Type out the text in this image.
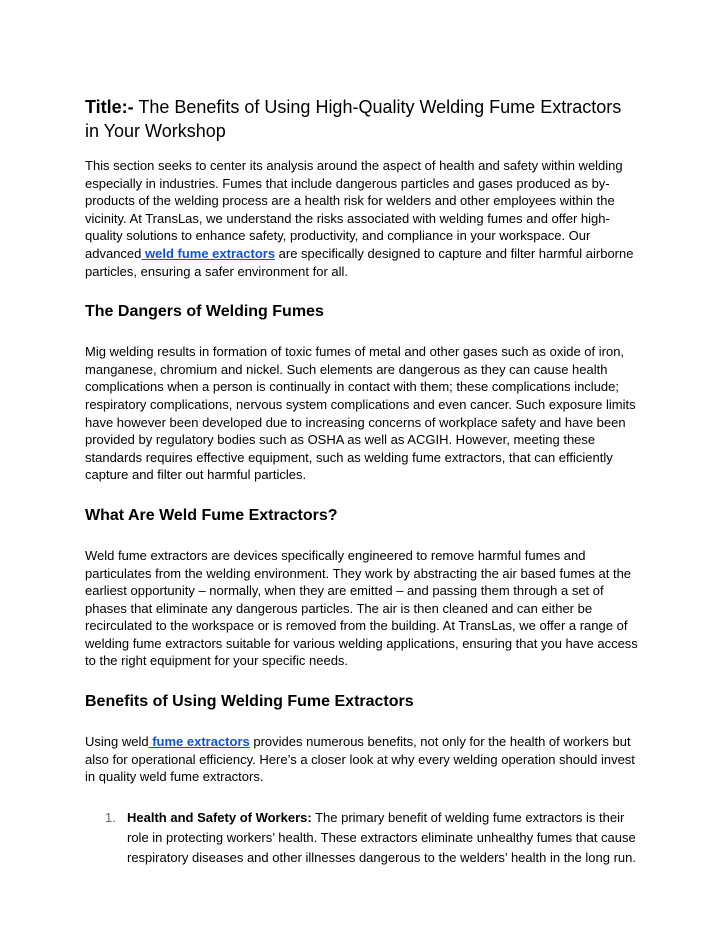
Title:- The Benefits of Using High-Quality Welding Fume Extractors in Your Workshop

This section seeks to center its analysis around the aspect of health and safety within welding especially in industries. Fumes that include dangerous particles and gases produced as by-products of the welding process are a health risk for welders and other employees within the vicinity. At TransLas, we understand the risks associated with welding fumes and offer high-quality solutions to enhance safety, productivity, and compliance in your workspace. Our advanced weld fume extractors are specifically designed to capture and filter harmful airborne particles, ensuring a safer environment for all.

The Dangers of Welding Fumes

Mig welding results in formation of toxic fumes of metal and other gases such as oxide of iron, manganese, chromium and nickel. Such elements are dangerous as they can cause health complications when a person is continually in contact with them; these complications include; respiratory complications, nervous system complications and even cancer. Such exposure limits have however been developed due to increasing concerns of workplace safety and have been provided by regulatory bodies such as OSHA as well as ACGIH. However, meeting these standards requires effective equipment, such as welding fume extractors, that can efficiently capture and filter out harmful particles.

What Are Weld Fume Extractors?

Weld fume extractors are devices specifically engineered to remove harmful fumes and particulates from the welding environment. They work by abstracting the air based fumes at the earliest opportunity – normally, when they are emitted – and passing them through a set of phases that eliminate any dangerous particles. The air is then cleaned and can either be recirculated to the workspace or is removed from the building. At TransLas, we offer a range of welding fume extractors suitable for various welding applications, ensuring that you have access to the right equipment for your specific needs.

Benefits of Using Welding Fume Extractors

Using weld fume extractors provides numerous benefits, not only for the health of workers but also for operational efficiency. Here’s a closer look at why every welding operation should invest in quality weld fume extractors.

1. Health and Safety of Workers: The primary benefit of welding fume extractors is their role in protecting workers’ health. These extractors eliminate unhealthy fumes that cause respiratory diseases and other illnesses dangerous to the welders’ health in the long run.
